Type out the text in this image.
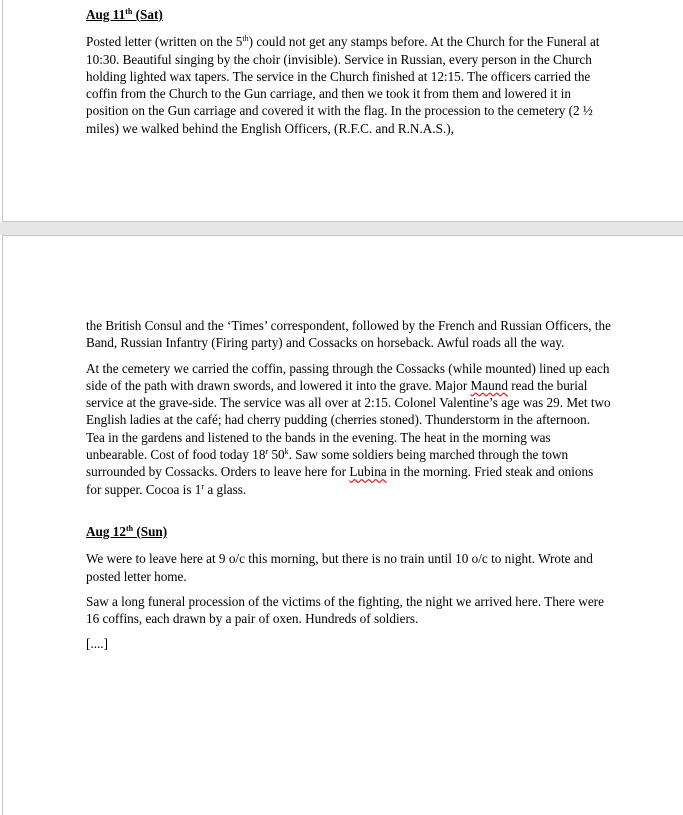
Aug 11th (Sat)

Posted letter (written on the 5th) could not get any stamps before. At the Church for the Funeral at 10:30. Beautiful singing by the choir (invisible). Service in Russian, every person in the Church holding lighted wax tapers. The service in the Church finished at 12:15. The officers carried the coffin from the Church to the Gun carriage, and then we took it from them and lowered it in position on the Gun carriage and covered it with the flag. In the procession to the cemetery (2 ½ miles) we walked behind the English Officers, (R.F.C. and R.N.A.S.),

the British Consul and the ‘Times’ correspondent, followed by the French and Russian Officers, the Band, Russian Infantry (Firing party) and Cossacks on horseback. Awful roads all the way.

At the cemetery we carried the coffin, passing through the Cossacks (while mounted) lined up each side of the path with drawn swords, and lowered it into the grave. Major Maund read the burial service at the grave-side. The service was all over at 2:15. Colonel Valentine’s age was 29. Met two English ladies at the café; had cherry pudding (cherries stoned). Thunderstorm in the afternoon. Tea in the gardens and listened to the bands in the evening. The heat in the morning was unbearable. Cost of food today 18$^r$ 50$^k$. Saw some soldiers being marched through the town surrounded by Cossacks. Orders to leave here for Lubina in the morning. Fried steak and onions for supper. Cocoa is 1$^r$ a glass.

Aug 12th (Sun)

We were to leave here at 9 o/c this morning, but there is no train until 10 o/c to night. Wrote and posted letter home.

Saw a long funeral procession of the victims of the fighting, the night we arrived here. There were 16 coffins, each drawn by a pair of oxen. Hundreds of soldiers.

[....]
